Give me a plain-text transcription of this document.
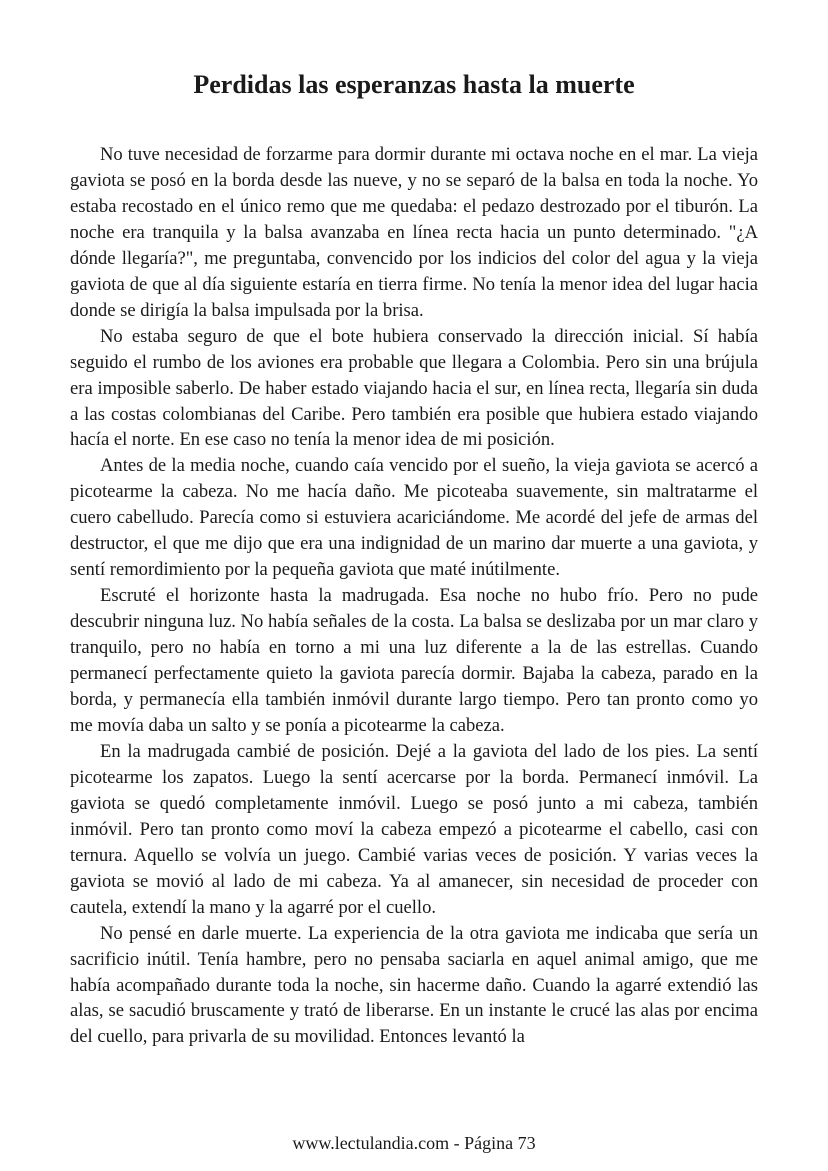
Perdidas las esperanzas hasta la muerte

No tuve necesidad de forzarme para dormir durante mi octava noche en el mar. La vieja gaviota se posó en la borda desde las nueve, y no se separó de la balsa en toda la noche. Yo estaba recostado en el único remo que me quedaba: el pedazo destrozado por el tiburón. La noche era tranquila y la balsa avanzaba en línea recta hacia un punto determinado. "¿A dónde llegaría?", me preguntaba, convencido por los indicios del color del agua y la vieja gaviota de que al día siguiente estaría en tierra firme. No tenía la menor idea del lugar hacia donde se dirigía la balsa impulsada por la brisa.

No estaba seguro de que el bote hubiera conservado la dirección inicial. Sí había seguido el rumbo de los aviones era probable que llegara a Colombia. Pero sin una brújula era imposible saberlo. De haber estado viajando hacia el sur, en línea recta, llegaría sin duda a las costas colombianas del Caribe. Pero también era posible que hubiera estado viajando hacía el norte. En ese caso no tenía la menor idea de mi posición.

Antes de la media noche, cuando caía vencido por el sueño, la vieja gaviota se acercó a picotearme la cabeza. No me hacía daño. Me picoteaba suavemente, sin maltratarme el cuero cabelludo. Parecía como si estuviera acariciándome. Me acordé del jefe de armas del destructor, el que me dijo que era una indignidad de un marino dar muerte a una gaviota, y sentí remordimiento por la pequeña gaviota que maté inútilmente.

Escruté el horizonte hasta la madrugada. Esa noche no hubo frío. Pero no pude descubrir ninguna luz. No había señales de la costa. La balsa se deslizaba por un mar claro y tranquilo, pero no había en torno a mi una luz diferente a la de las estrellas. Cuando permanecí perfectamente quieto la gaviota parecía dormir. Bajaba la cabeza, parado en la borda, y permanecía ella también inmóvil durante largo tiempo. Pero tan pronto como yo me movía daba un salto y se ponía a picotearme la cabeza.

En la madrugada cambié de posición. Dejé a la gaviota del lado de los pies. La sentí picotearme los zapatos. Luego la sentí acercarse por la borda. Permanecí inmóvil. La gaviota se quedó completamente inmóvil. Luego se posó junto a mi cabeza, también inmóvil. Pero tan pronto como moví la cabeza empezó a picotearme el cabello, casi con ternura. Aquello se volvía un juego. Cambié varias veces de posición. Y varias veces la gaviota se movió al lado de mi cabeza. Ya al amanecer, sin necesidad de proceder con cautela, extendí la mano y la agarré por el cuello.

No pensé en darle muerte. La experiencia de la otra gaviota me indicaba que sería un sacrificio inútil. Tenía hambre, pero no pensaba saciarla en aquel animal amigo, que me había acompañado durante toda la noche, sin hacerme daño. Cuando la agarré extendió las alas, se sacudió bruscamente y trató de liberarse. En un instante le crucé las alas por encima del cuello, para privarla de su movilidad. Entonces levantó la

www.lectulandia.com - Página 73
